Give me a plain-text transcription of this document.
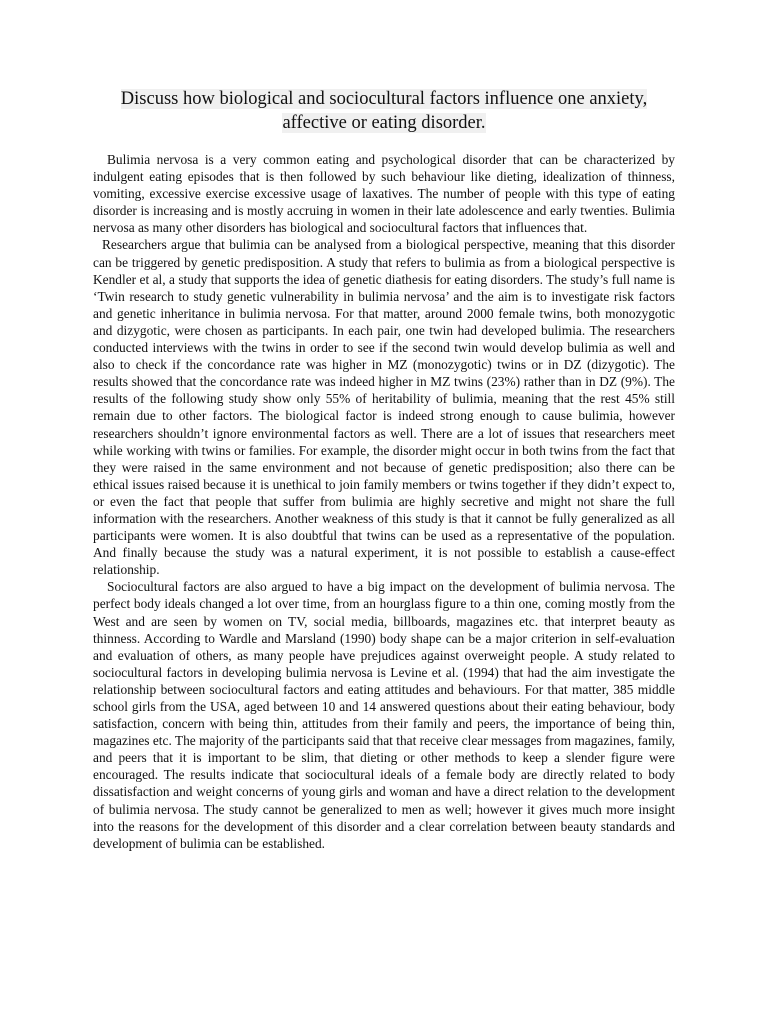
Discuss how biological and sociocultural factors influence one anxiety,
affective or eating disorder.

Bulimia nervosa is a very common eating and psychological disorder that can be characterized by indulgent eating episodes that is then followed by such behaviour like dieting, idealization of thinness, vomiting, excessive exercise excessive usage of laxatives. The number of people with this type of eating disorder is increasing and is mostly accruing in women in their late adolescence and early twenties. Bulimia nervosa as many other disorders has biological and sociocultural factors that influences that.

Researchers argue that bulimia can be analysed from a biological perspective, meaning that this disorder can be triggered by genetic predisposition. A study that refers to bulimia as from a biological perspective is Kendler et al, a study that supports the idea of genetic diathesis for eating disorders. The study’s full name is ‘Twin research to study genetic vulnerability in bulimia nervosa’ and the aim is to investigate risk factors and genetic inheritance in bulimia nervosa. For that matter, around 2000 female twins, both monozygotic and dizygotic, were chosen as participants. In each pair, one twin had developed bulimia. The researchers conducted interviews with the twins in order to see if the second twin would develop bulimia as well and also to check if the concordance rate was higher in MZ (monozygotic) twins or in DZ (dizygotic). The results showed that the concordance rate was indeed higher in MZ twins (23%) rather than in DZ (9%). The results of the following study show only 55% of heritability of bulimia, meaning that the rest 45% still remain due to other factors. The biological factor is indeed strong enough to cause bulimia, however researchers shouldn’t ignore environmental factors as well. There are a lot of issues that researchers meet while working with twins or families. For example, the disorder might occur in both twins from the fact that they were raised in the same environment and not because of genetic predisposition; also there can be ethical issues raised because it is unethical to join family members or twins together if they didn’t expect to, or even the fact that people that suffer from bulimia are highly secretive and might not share the full information with the researchers. Another weakness of this study is that it cannot be fully generalized as all participants were women. It is also doubtful that twins can be used as a representative of the population. And finally because the study was a natural experiment, it is not possible to establish a cause-effect relationship.

Sociocultural factors are also argued to have a big impact on the development of bulimia nervosa. The perfect body ideals changed a lot over time, from an hourglass figure to a thin one, coming mostly from the West and are seen by women on TV, social media, billboards, magazines etc. that interpret beauty as thinness. According to Wardle and Marsland (1990) body shape can be a major criterion in self-evaluation and evaluation of others, as many people have prejudices against overweight people. A study related to sociocultural factors in developing bulimia nervosa is Levine et al. (1994) that had the aim investigate the relationship between sociocultural factors and eating attitudes and behaviours. For that matter, 385 middle school girls from the USA, aged between 10 and 14 answered questions about their eating behaviour, body satisfaction, concern with being thin, attitudes from their family and peers, the importance of being thin, magazines etc. The majority of the participants said that that receive clear messages from magazines, family, and peers that it is important to be slim, that dieting or other methods to keep a slender figure were encouraged. The results indicate that sociocultural ideals of a female body are directly related to body dissatisfaction and weight concerns of young girls and woman and have a direct relation to the development of bulimia nervosa. The study cannot be generalized to men as well; however it gives much more insight into the reasons for the development of this disorder and a clear correlation between beauty standards and development of bulimia can be established.
